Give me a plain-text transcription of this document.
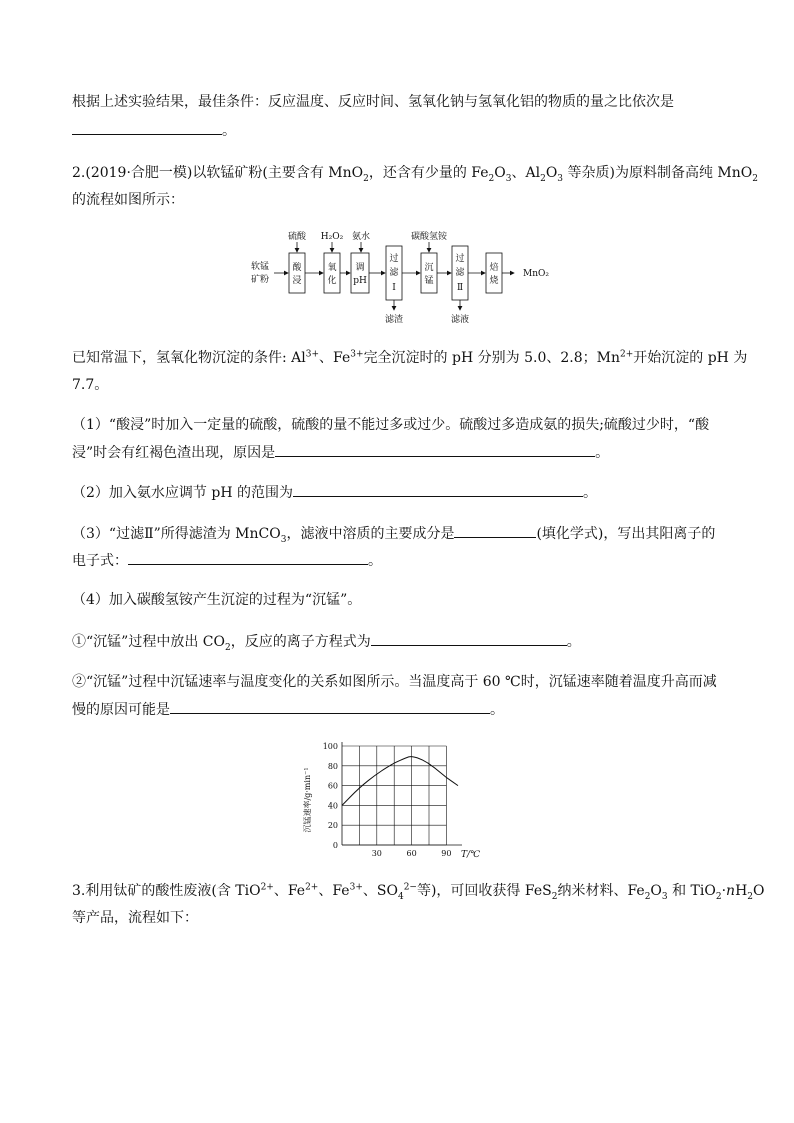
根据上述实验结果，最佳条件：反应温度、反应时间、氢氧化钠与氢氧化铝的物质的量之比依次是
。
2.(2019·合肥一模)以软锰矿粉(主要含有 MnO$_2$，还含有少量的 $Fe_2O_3$、$Al_2O_3$ 等杂质)为原料制备高纯 MnO$_2$
的流程如图所示：
软锰
矿粉
酸
浸
氧
化
调
pH
过
滤
Ⅰ
沉
锰
过
滤
Ⅱ
焙
烧
硫酸 H₂O₂ 氨水	碳酸氢铵
MnO₂
滤渣	滤液
已知常温下，氢氧化物沉淀的条件: $Al^{3+}$、$Fe^{3+}$完全沉淀时的 pH 分别为 5.0、2.8；$Mn^{2+}$开始沉淀的 pH 为
7.7。
（1）“酸浸”时加入一定量的硫酸，硫酸的量不能过多或过少。硫酸过多造成氨的损失;硫酸过少时，“酸
浸”时会有红褐色渣出现，原因是	。
（2）加入氨水应调节 pH 的范围为	。
（3）“过滤Ⅱ”所得滤渣为 MnCO$_3$，滤液中溶质的主要成分是	(填化学式)，写出其阳离子的
电子式：	。
（4）加入碳酸氢铵产生沉淀的过程为“沉锰”。
①“沉锰”过程中放出 $CO_2$，反应的离子方程式为	。
②“沉锰”过程中沉锰速率与温度变化的关系如图所示。当温度高于 60 ℃时，沉锰速率随着温度升高而减
慢的原因可能是	。
0
20
40
60
80
100
30	60	90
沉锰速率/g·min⁻¹
T/℃
3.利用钛矿的酸性废液(含 TiO$^{2+}$、$Fe^{2+}$、$Fe^{3+}$、$SO_4^{2-}$等)，可回收获得 FeS$_2$纳米材料、$Fe_2O_3$ 和 $TiO_2\cdot nH_2O$
等产品，流程如下：
